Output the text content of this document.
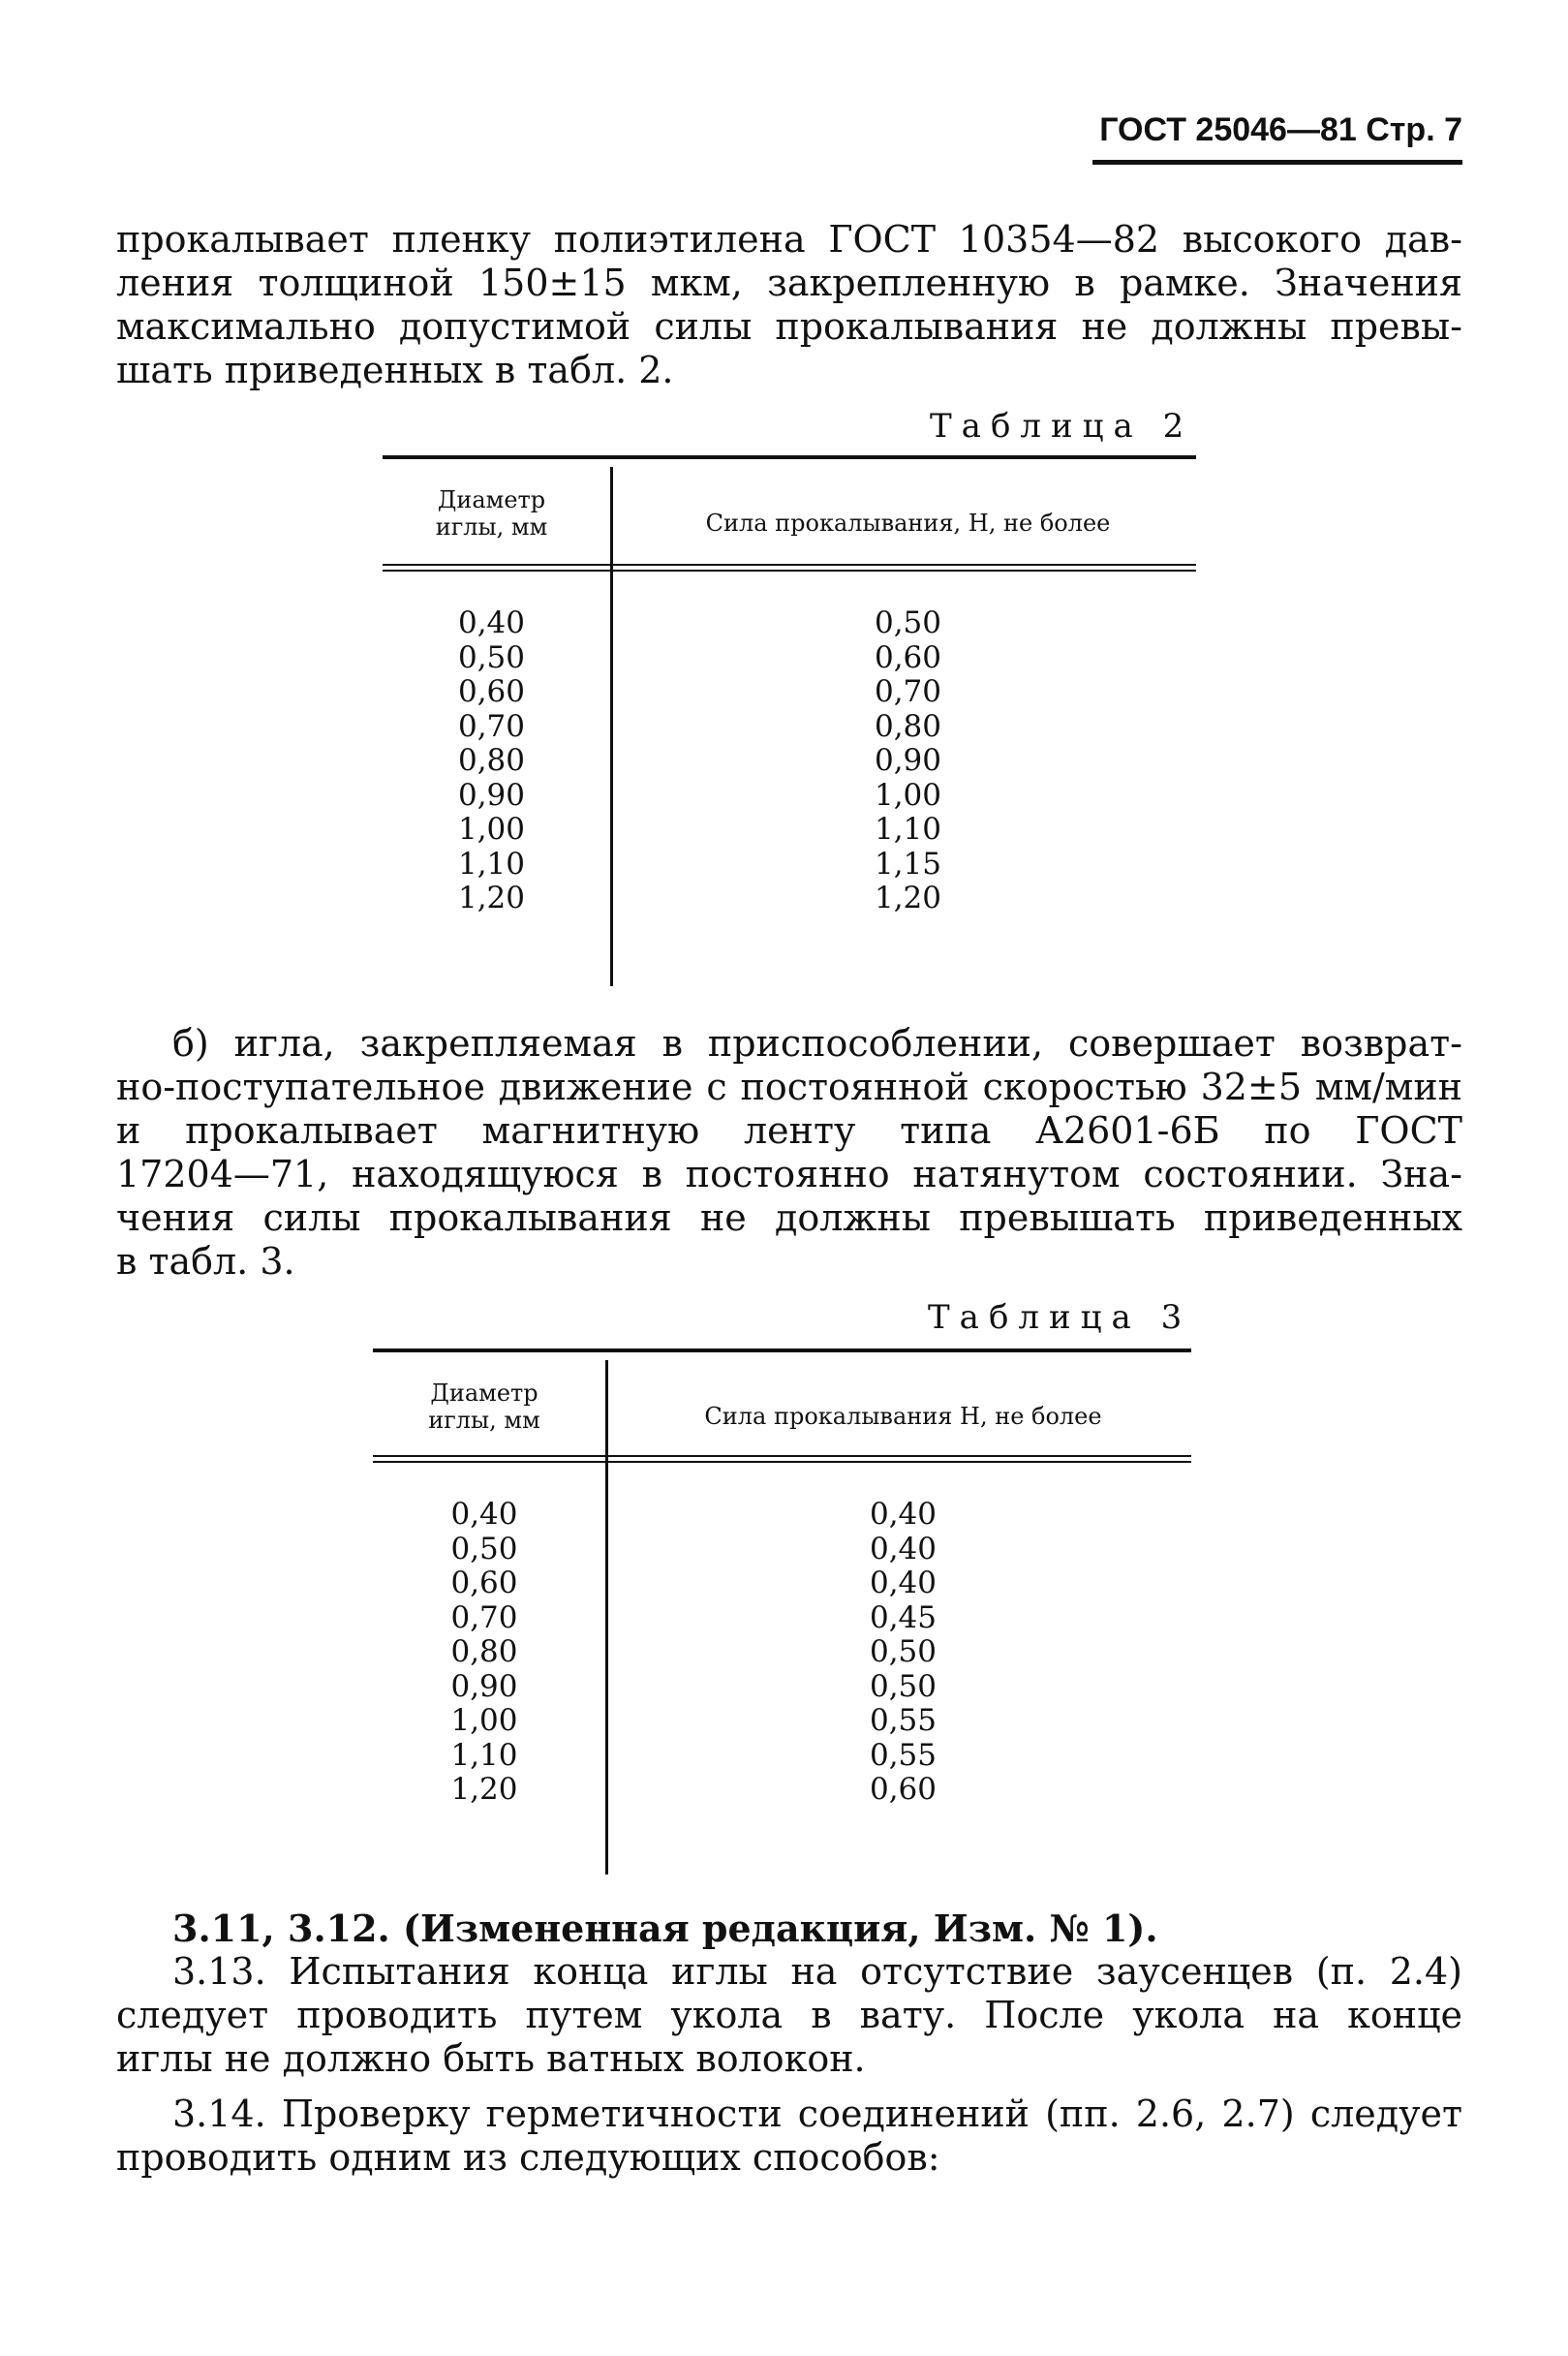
ГОСТ 25046—81 Стр. 7
прокалывает пленку полиэтилена ГОСТ 10354—82 высокого дав-
ления толщиной 150±15 мкм, закрепленную в рамке. Значения
максимально допустимой силы прокалывания не должны превы-
шать приведенных в табл. 2.
Таблица 2
Диаметр
иглы, мм	Сила прокалывания, Н, не более
0,40
0,50
0,60
0,70
0,80
0,90
1,00
1,10
1,20
0,50
0,60
0,70
0,80
0,90
1,00
1,10
1,15
1,20
б) игла, закрепляемая в приспособлении, совершает возврат-
но-поступательное движение с постоянной скоростью 32±5 мм/мин
и прокалывает магнитную ленту типа А2601-6Б по ГОСТ
17204—71, находящуюся в постоянно натянутом состоянии. Зна-
чения силы прокалывания не должны превышать приведенных
в табл. 3.
Таблица 3
Диаметр
иглы, мм	Сила прокалывания Н, не более
0,40
0,50
0,60
0,70
0,80
0,90
1,00
1,10
1,20
0,40
0,40
0,40
0,45
0,50
0,50
0,55
0,55
0,60
3.11, 3.12. (Измененная редакция, Изм. № 1).
3.13. Испытания конца иглы на отсутствие заусенцев (п. 2.4)
следует проводить путем укола в вату. После укола на конце
иглы не должно быть ватных волокон.
3.14. Проверку герметичности соединений (пп. 2.6, 2.7) следует
проводить одним из следующих способов:
